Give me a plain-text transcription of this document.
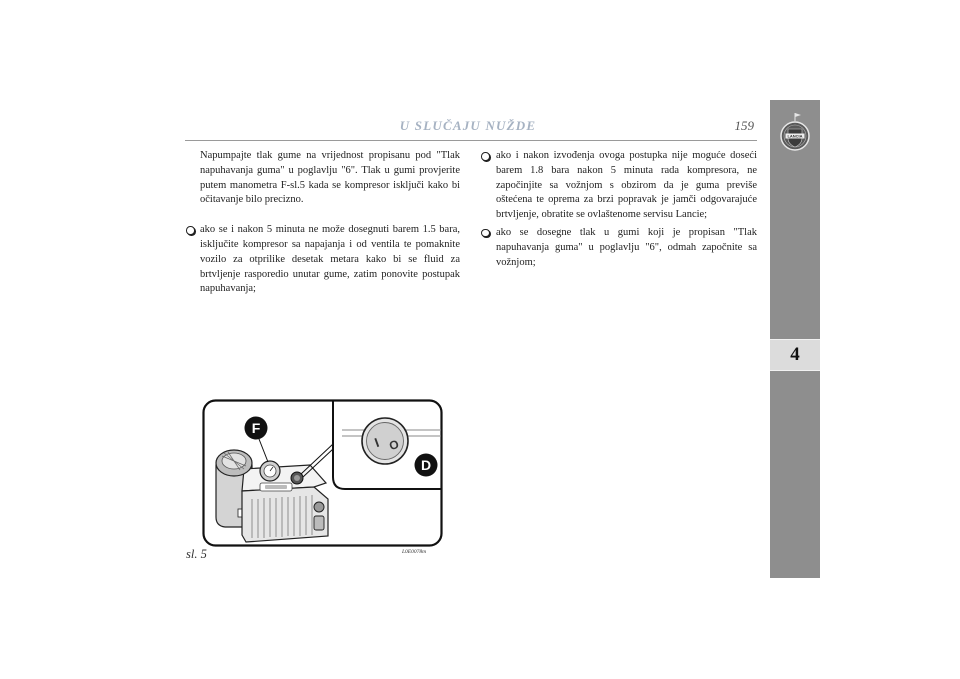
U SLUČAJU NUŽDE	159

Napumpajte tlak gume na vrijednost propisanu pod "Tlak napuhavanja guma" u poglavlju "6". Tlak u gumi provjerite putem manometra F-sl.5 kada se kompresor isključi kako bi očitavanje bilo precizno.

ako se i nakon 5 minuta ne može dosegnuti barem 1.5 bara, isključite kompresor sa napajanja i od ventila te pomaknite vozilo za otprilike desetak metara kako bi se fluid za brtvljenje rasporedio unutar gume, zatim ponovite postupak napuhavanja;

ako i nakon izvođenja ovoga postupka nije moguće doseći barem 1.8 bara nakon 5 minuta rada kompresora, ne započinjite sa vožnjom s obzirom da je guma previše oštećena te oprema za brzi popravak je jamči odgovarajuće brtvljenje, obratite se ovlaštenome servisu Lancie;

ako se dosegne tlak u gumi koji je propisan "Tlak napuhavanja guma" u poglavlju "6", odmah započnite sa vožnjom;

I O
F
D
sl. 5	L0E0078m
LANCIA
4
